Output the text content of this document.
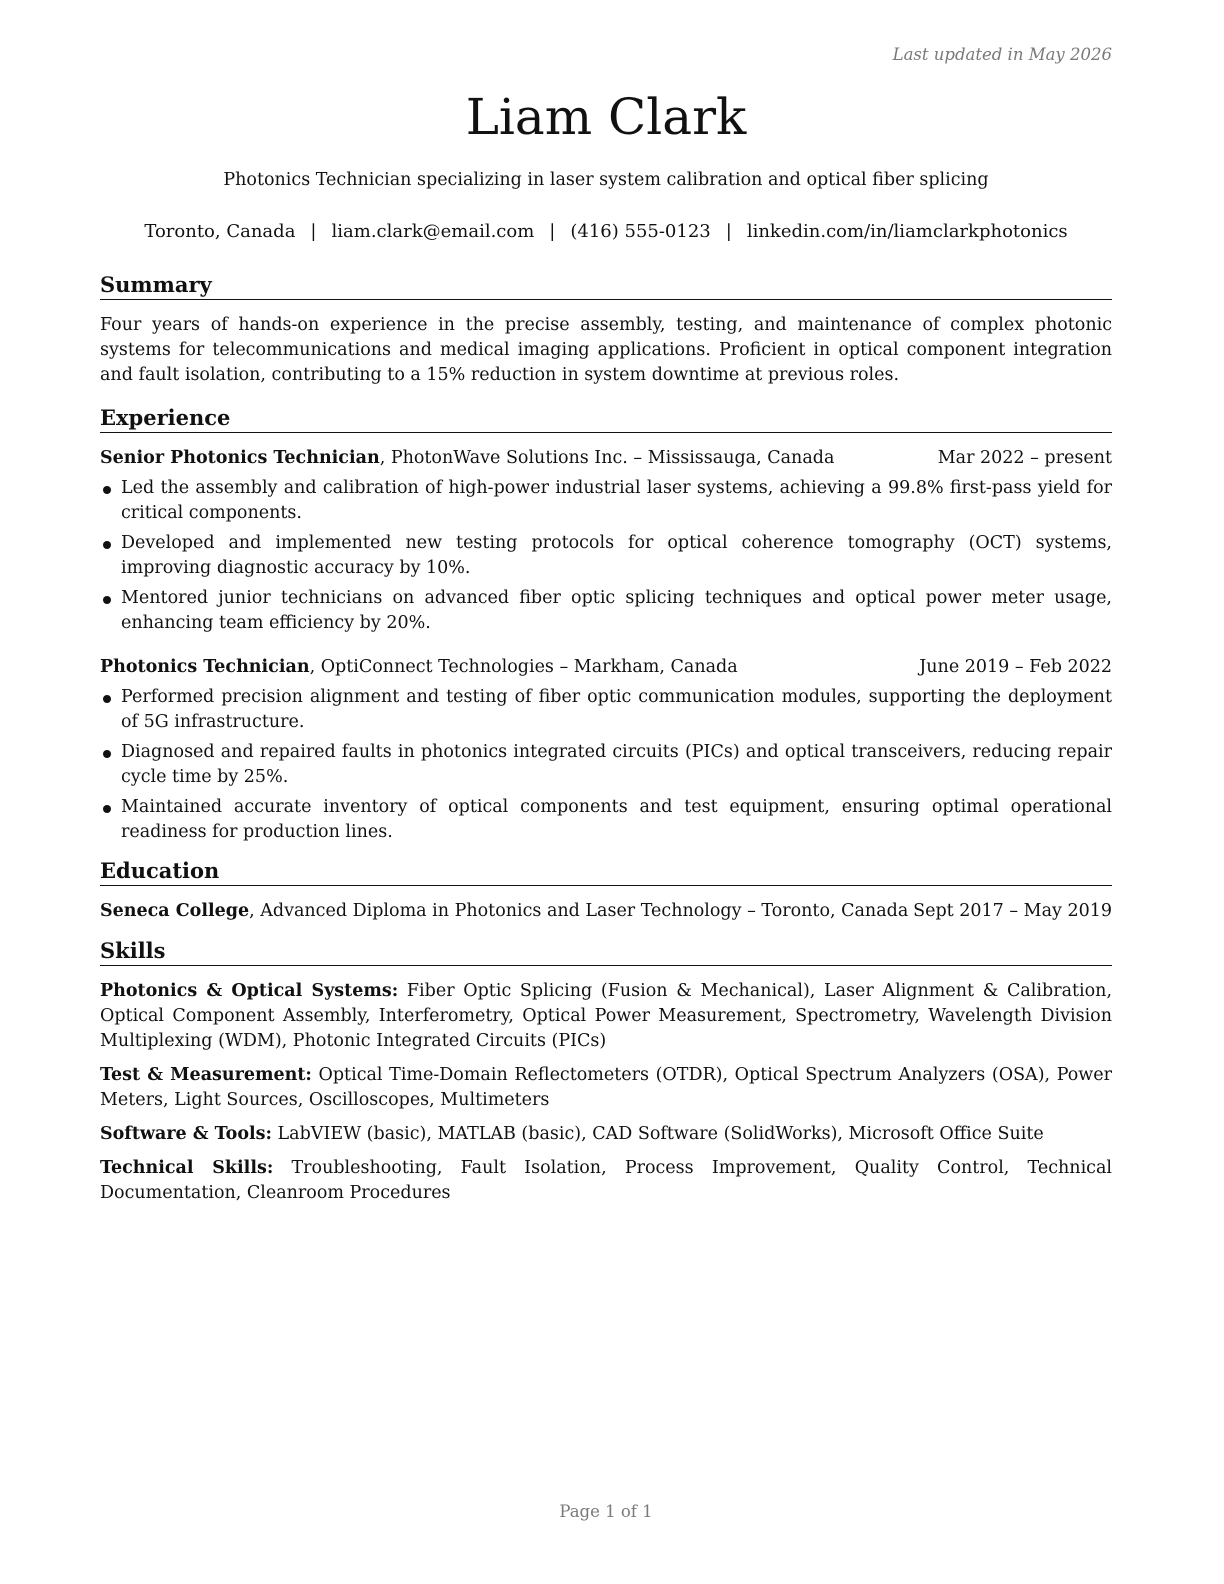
Last updated in May 2026
Liam Clark
Photonics Technician specializing in laser system calibration and optical fiber splicing
Toronto, Canada | liam.clark@email.com | (416) 555-0123 | linkedin.com/in/liamclarkphotonics
Summary
Four years of hands-on experience in the precise assembly, testing, and maintenance of complex photonic systems for telecommunications and medical imaging applications. Proficient in optical component integration and fault isolation, contributing to a 15% reduction in system downtime at previous roles.
Experience
Senior Photonics Technician, PhotonWave Solutions Inc. – Mississauga, Canada	Mar 2022 – present
Led the assembly and calibration of high-power industrial laser systems, achieving a 99.8% first-pass yield for critical components.
Developed and implemented new testing protocols for optical coherence tomography (OCT) systems, improving diagnostic accuracy by 10%.
Mentored junior technicians on advanced fiber optic splicing techniques and optical power meter usage, enhancing team efficiency by 20%.
Photonics Technician, OptiConnect Technologies – Markham, Canada	June 2019 – Feb 2022
Performed precision alignment and testing of fiber optic communication modules, supporting the deployment of 5G infrastructure.
Diagnosed and repaired faults in photonics integrated circuits (PICs) and optical transceivers, reducing repair cycle time by 25%.
Maintained accurate inventory of optical components and test equipment, ensuring optimal operational readiness for production lines.
Education
Seneca College, Advanced Diploma in Photonics and Laser Technology – Toronto, Canada Sept 2017 – May 2019
Skills
Photonics & Optical Systems: Fiber Optic Splicing (Fusion & Mechanical), Laser Alignment & Calibration, Optical Component Assembly, Interferometry, Optical Power Measurement, Spectrometry, Wavelength Division Multiplexing (WDM), Photonic Integrated Circuits (PICs)
Test & Measurement: Optical Time-Domain Reflectometers (OTDR), Optical Spectrum Analyzers (OSA), Power Meters, Light Sources, Oscilloscopes, Multimeters
Software & Tools: LabVIEW (basic), MATLAB (basic), CAD Software (SolidWorks), Microsoft Office Suite
Technical Skills: Troubleshooting, Fault Isolation, Process Improvement, Quality Control, Technical Documentation, Cleanroom Procedures
Page 1 of 1
